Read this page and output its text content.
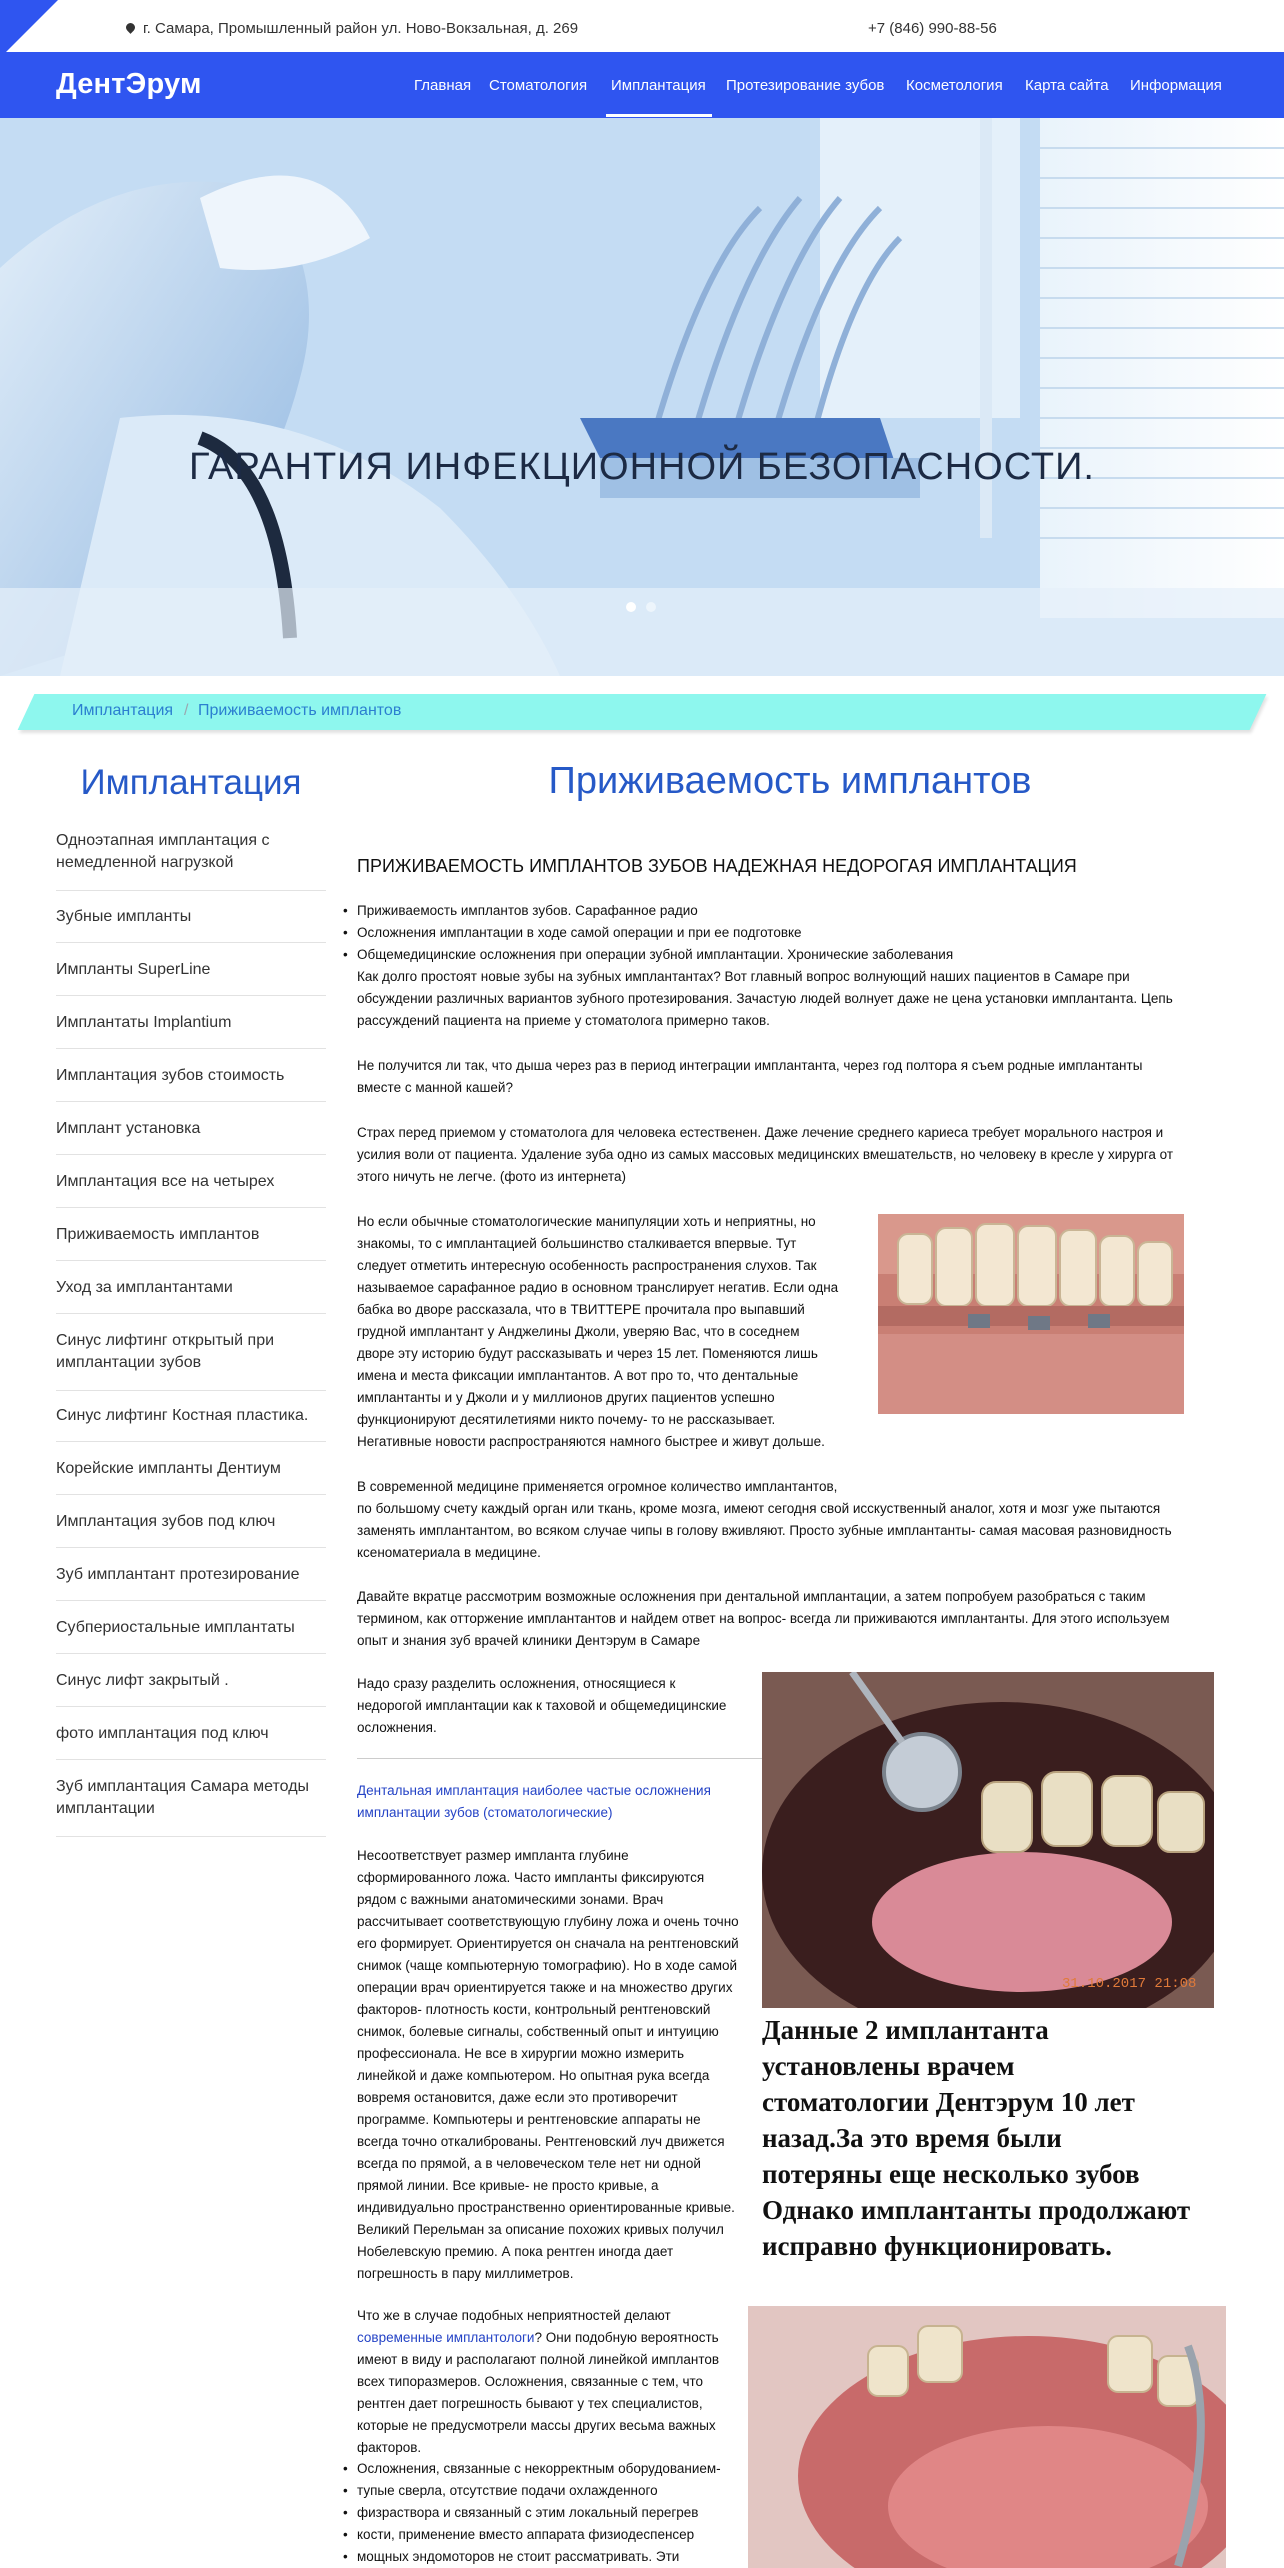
г. Самара, Промышленный район ул. Ново-Вокзальная, д. 269	+7 (846) 990-88-56
ДентЭрум	Главная Стоматология Имплантация Протезирование зубов Косметология Карта сайта Информация
ГАРАНТИЯ ИНФЕКЦИОННОЙ БЕЗОПАСНОСТИ.
Имплантация / Приживаемость имплантов
Имплантация
Одноэтапная имплантация с немедленной нагрузкой
Зубные импланты
Импланты SuperLine
Имплантаты Implantium
Имплантация зубов стоимость
Имплант установка
Имплантация все на четырех
Приживаемость имплантов
Уход за имплантантами
Синус лифтинг открытый при имплантации зубов
Синус лифтинг Костная пластика.
Корейские импланты Дентиум
Имплантация зубов под ключ
Зуб имплантант протезирование
Субпериостальные имплантаты
Синус лифт закрытый .
фото имплантация под ключ
Зуб имплантация Самара методы имплантации
Приживаемость имплантов
ПРИЖИВАЕМОСТЬ ИМПЛАНТОВ ЗУБОВ НАДЕЖНАЯ НЕДОРОГАЯ ИМПЛАНТАЦИЯ
• Приживаемость имплантов зубов. Сарафанное радио
• Осложнения имплантации в ходе самой операции и при ее подготовке
• Общемедицинские осложнения при операции зубной имплантации. Хронические заболевания
Как долго простоят новые зубы на зубных имплантантах? Вот главный вопрос волнующий наших пациентов в Самаре при
обсуждении различных вариантов зубного протезирования. Зачастую людей волнует даже не цена установки имплантанта. Цепь
рассуждений пациента на приеме у стоматолога примерно таков.
Не получится ли так, что дыша через раз в период интеграции имплантанта, через год полтора я съем родные имплантанты
вместе с манной кашей?
Страх перед приемом у стоматолога для человека естественен. Даже лечение среднего кариеса требует морального настроя и
усилия воли от пациента. Удаление зуба одно из самых массовых медицинских вмешательств, но человеку в кресле у хирурга от
этого ничуть не легче. (фото из интернета)
Но если обычные стоматологические манипуляции хоть и неприятны, но
знакомы, то с имплантацией большинство сталкивается впервые. Тут
следует отметить интересную особенность распространения слухов. Так
называемое сарафанное радио в основном транслирует негатив. Если одна
бабка во дворе рассказала, что в ТВИТТЕРЕ прочитала про выпавший
грудной имплантант у Анджелины Джоли, уверяю Вас, что в соседнем
дворе эту историю будут рассказывать и через 15 лет. Поменяются лишь
имена и места фиксации имплантантов. А вот про то, что дентальные
имплантанты и у Джоли и у миллионов других пациентов успешно
функционируют десятилетиями никто почему- то не рассказывает.
Негативные новости распространяются намного быстрее и живут дольше.
В современной медицине применяется огромное количество имплантантов,
по большому счету каждый орган или ткань, кроме мозга, имеют сегодня свой исскуственный аналог, хотя и мозг уже пытаются
заменять имплантантом, во всяком случае чипы в голову вживляют. Просто зубные имплантанты- самая масовая разновидность
ксеноматериала в медицине.
Давайте вкратце рассмотрим возможные осложнения при дентальной имплантации, а затем попробуем разобраться с таким
термином, как отторжение имплантантов и найдем ответ на вопрос- всегда ли приживаются имплантанты. Для этого используем
опыт и знания зуб врачей клиники Дентэрум в Самаре
Надо сразу разделить осложнения, относящиеся к
недорогой имплантации как к таховой и общемедицинские
осложнения.
Дентальная имплантация наиболее частые осложнения
имплантации зубов (стоматологические)
Несоответствует размер импланта глубине
сформированного ложа. Часто импланты фиксируются
рядом с важными анатомическими зонами. Врач
рассчитывает соответствующую глубину ложа и очень точно
его формирует. Ориентируется он сначала на рентгеновский
снимок (чаще компьютерную томографию). Но в ходе самой
операции врач ориентируется также и на множество других
факторов- плотность кости, контрольный рентгеновский
снимок, болевые сигналы, собственный опыт и интуицию
профессионала. Не все в хирургии можно измерить
линейкой и даже компьютером. Но опытная рука всегда
вовремя остановится, даже если это противоречит
программе. Компьютеры и рентгеновские аппараты не
всегда точно откалиброваны. Рентгеновский луч движется
всегда по прямой, а в человеческом теле нет ни одной
прямой линии. Все кривые- не просто кривые, а
индивидуально пространственно ориентированные кривые.
Великий Перельман за описание похожих кривых получил
Нобелевскую премию. А пока рентген иногда дает
погрешность в пару миллиметров.
31.10.2017 21:08
Данные 2 имплантанта
установлены врачем
стоматологии Дентэрум 10 лет
назад.За это время были
потеряны еще несколько зубов
Однако имплантанты продолжают
исправно функционировать.
Что же в случае подобных неприятностей делают
современные имплантологи? Они подобную вероятность
имеют в виду и располагают полной линейкой имплантов
всех типоразмеров. Осложнения, связанные с тем, что
рентген дает погрешность бывают у тех специалистов,
которые не предусмотрели массы других весьма важных
факторов.
• Осложнения, связанные с некорректным оборудованием-
• тупые сверла, отсутствие подачи охлажденного
• физраствора и связанный с этим локальный перегрев
• кости, применение вместо аппарата физиодеспенсер
• мощных эндомоторов не стоит рассматривать. Эти
